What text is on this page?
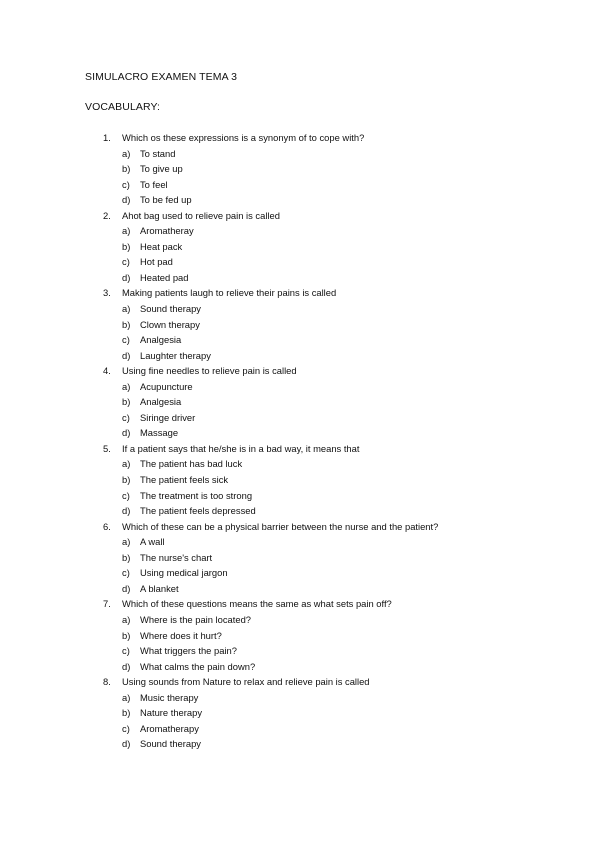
SIMULACRO EXAMEN TEMA 3
VOCABULARY:
1. Which os these expressions is a synonym of to cope with?
a) To stand
b) To give up
c) To feel
d) To be fed up
2. Ahot bag used to relieve pain is called
a) Aromatheray
b) Heat pack
c) Hot pad
d) Heated pad
3. Making patients laugh to relieve their pains is called
a) Sound therapy
b) Clown therapy
c) Analgesia
d) Laughter therapy
4. Using fine needles to relieve pain is called
a) Acupuncture
b) Analgesia
c) Siringe driver
d) Massage
5. If a patient says that he/she is in a bad way, it means that
a) The patient has bad luck
b) The patient feels sick
c) The treatment is too strong
d) The patient feels depressed
6. Which of these can be a physical barrier between the nurse and the patient?
a) A wall
b) The nurse's chart
c) Using medical jargon
d) A blanket
7. Which of these questions means the same as what sets pain off?
a) Where is the pain located?
b) Where does it hurt?
c) What triggers the pain?
d) What calms the pain down?
8. Using sounds from Nature to relax and relieve pain is called
a) Music therapy
b) Nature therapy
c) Aromatherapy
d) Sound therapy
